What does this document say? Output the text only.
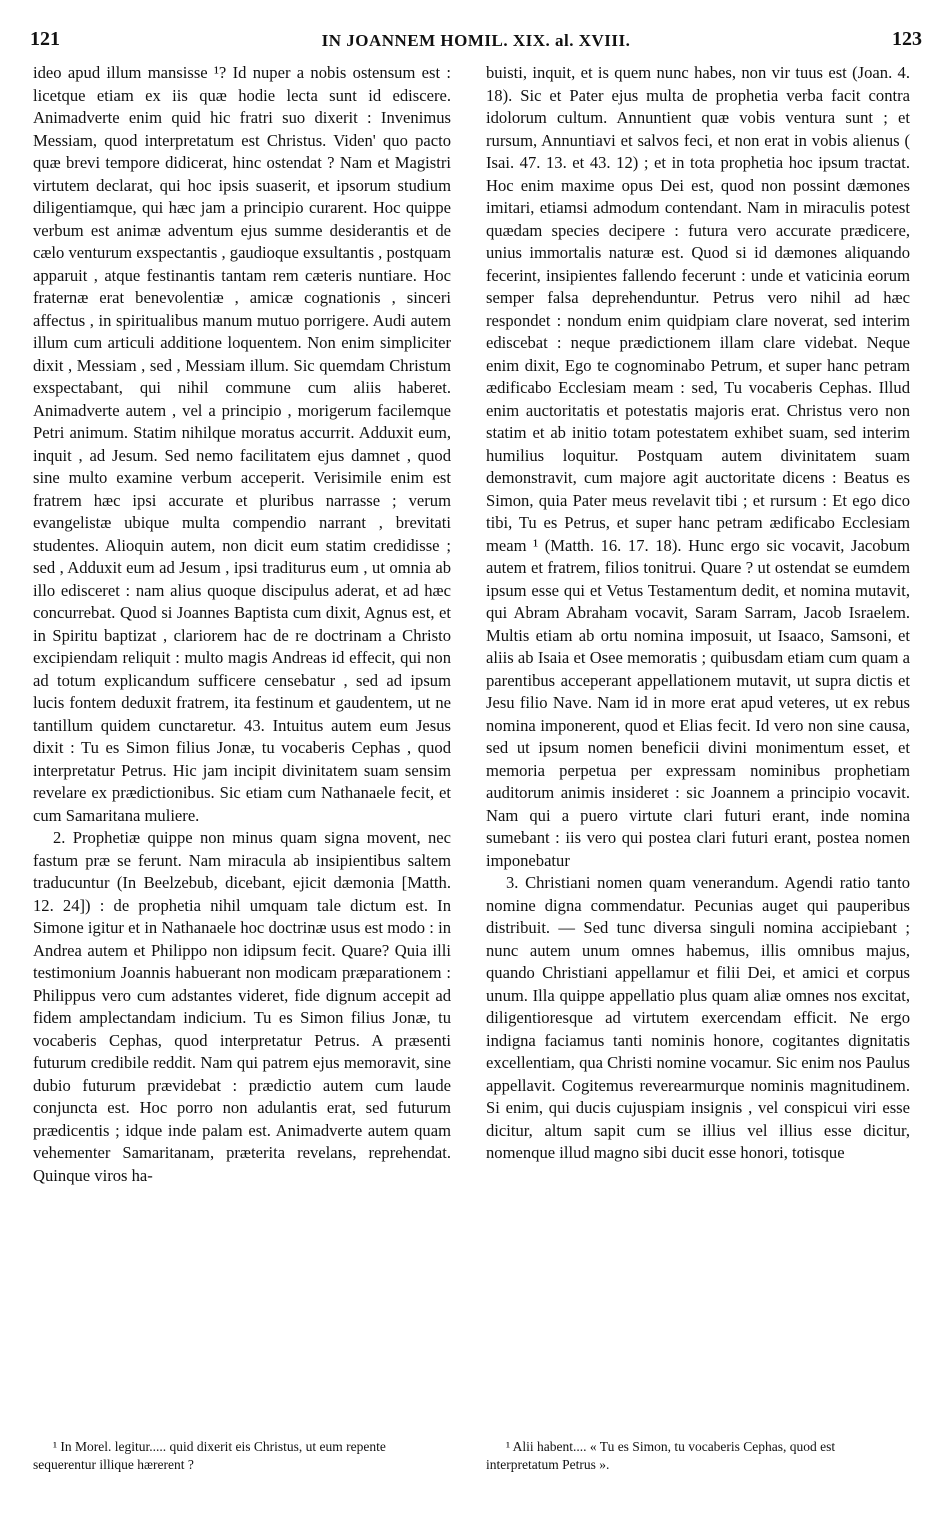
121	IN JOANNEM HOMIL. XIX. al. XVIII.	123

ideo apud illum mansisse ¹? Id nuper a nobis ostensum est : licetque etiam ex iis quæ hodie lecta sunt id ediscere. Animadverte enim quid hic fratri suo dixerit : Invenimus Messiam, quod interpretatum est Christus. Viden' quo pacto quæ brevi tempore didicerat, hinc ostendat ? Nam et Magistri virtutem declarat, qui hoc ipsis suaserit, et ipsorum studium diligentiamque, qui hæc jam a principio curarent. Hoc quippe verbum est animæ adventum ejus summe desiderantis et de cælo venturum exspectantis , gaudioque exsultantis , postquam apparuit , atque festinantis tantam rem cæteris nuntiare. Hoc fraternæ erat benevolentiæ , amicæ cognationis , sinceri affectus , in spiritualibus manum mutuo porrigere. Audi autem illum cum articuli additione loquentem. Non enim simpliciter dixit , Messiam , sed , Messiam illum. Sic quemdam Christum exspectabant, qui nihil commune cum aliis haberet. Animadverte autem , vel a principio , morigerum facilemque Petri animum. Statim nihilque moratus accurrit. Adduxit eum, inquit , ad Jesum. Sed nemo facilitatem ejus damnet , quod sine multo examine verbum acceperit. Verisimile enim est fratrem hæc ipsi accurate et pluribus narrasse ; verum evangelistæ ubique multa compendio narrant , brevitati studentes. Alioquin autem, non dicit eum statim credidisse ; sed , Adduxit eum ad Jesum , ipsi traditurus eum , ut omnia ab illo edisceret : nam alius quoque discipulus aderat, et ad hæc concurrebat. Quod si Joannes Baptista cum dixit, Agnus est, et in Spiritu baptizat , clariorem hac de re doctrinam a Christo excipiendam reliquit : multo magis Andreas id effecit, qui non ad totum explicandum sufficere censebatur , sed ad ipsum lucis fontem deduxit fratrem, ita festinum et gaudentem, ut ne tantillum quidem cunctaretur. 43. Intuitus autem eum Jesus dixit : Tu es Simon filius Jonæ, tu vocaberis Cephas , quod interpretatur Petrus. Hic jam incipit divinitatem suam sensim revelare ex prædictionibus. Sic etiam cum Nathanaele fecit, et cum Samaritana muliere.

2. Prophetiæ quippe non minus quam signa movent, nec fastum præ se ferunt. Nam miracula ab insipientibus saltem traducuntur (In Beelzebub, dicebant, ejicit dæmonia [Matth. 12. 24]) : de prophetia nihil umquam tale dictum est. In Simone igitur et in Nathanaele hoc doctrinæ usus est modo : in Andrea autem et Philippo non idipsum fecit. Quare? Quia illi testimonium Joannis habuerant non modicam præparationem : Philippus vero cum adstantes videret, fide dignum accepit ad fidem amplectandam indicium. Tu es Simon filius Jonæ, tu vocaberis Cephas, quod interpretatur Petrus. A præsenti futurum credibile reddit. Nam qui patrem ejus memoravit, sine dubio futurum prævidebat : prædictio autem cum laude conjuncta est. Hoc porro non adulantis erat, sed futurum prædicentis ; idque inde palam est. Animadverte autem quam vehementer Samaritanam, præterita revelans, reprehendat. Quinque viros ha-

buisti, inquit, et is quem nunc habes, non vir tuus est (Joan. 4. 18). Sic et Pater ejus multa de prophetia verba facit contra idolorum cultum. Annuntient quæ vobis ventura sunt ; et rursum, Annuntiavi et salvos feci, et non erat in vobis alienus ( Isai. 47. 13. et 43. 12) ; et in tota prophetia hoc ipsum tractat. Hoc enim maxime opus Dei est, quod non possint dæmones imitari, etiamsi admodum contendant. Nam in miraculis potest quædam species decipere : futura vero accurate prædicere, unius immortalis naturæ est. Quod si id dæmones aliquando fecerint, insipientes fallendo fecerunt : unde et vaticinia eorum semper falsa deprehenduntur. Petrus vero nihil ad hæc respondet : nondum enim quidpiam clare noverat, sed interim ediscebat : neque prædictionem illam clare videbat. Neque enim dixit, Ego te cognominabo Petrum, et super hanc petram ædificabo Ecclesiam meam : sed, Tu vocaberis Cephas. Illud enim auctoritatis et potestatis majoris erat. Christus vero non statim et ab initio totam potestatem exhibet suam, sed interim humilius loquitur. Postquam autem divinitatem suam demonstravit, cum majore agit auctoritate dicens : Beatus es Simon, quia Pater meus revelavit tibi ; et rursum : Et ego dico tibi, Tu es Petrus, et super hanc petram ædificabo Ecclesiam meam ¹ (Matth. 16. 17. 18). Hunc ergo sic vocavit, Jacobum autem et fratrem, filios tonitrui. Quare ? ut ostendat se eumdem ipsum esse qui et Vetus Testamentum dedit, et nomina mutavit, qui Abram Abraham vocavit, Saram Sarram, Jacob Israelem. Multis etiam ab ortu nomina imposuit, ut Isaaco, Samsoni, et aliis ab Isaia et Osee memoratis ; quibusdam etiam cum quam a parentibus acceperant appellationem mutavit, ut supra dictis et Jesu filio Nave. Nam id in more erat apud veteres, ut ex rebus nomina imponerent, quod et Elias fecit. Id vero non sine causa, sed ut ipsum nomen beneficii divini monimentum esset, et memoria perpetua per expressam nominibus prophetiam auditorum animis insideret : sic Joannem a principio vocavit. Nam qui a puero virtute clari futuri erant, inde nomina sumebant : iis vero qui postea clari futuri erant, postea nomen imponebatur

3. Christiani nomen quam venerandum. Agendi ratio tanto nomine digna commendatur. Pecunias auget qui pauperibus distribuit. — Sed tunc diversa singuli nomina accipiebant ; nunc autem unum omnes habemus, illis omnibus majus, quando Christiani appellamur et filii Dei, et amici et corpus unum. Illa quippe appellatio plus quam aliæ omnes nos excitat, diligentioresque ad virtutem exercendam efficit. Ne ergo indigna faciamus tanti nominis honore, cogitantes dignitatis excellentiam, qua Christi nomine vocamur. Sic enim nos Paulus appellavit. Cogitemus reverearmurque nominis magnitudinem. Si enim, qui ducis cujuspiam insignis , vel conspicui viri esse dicitur, altum sapit cum se illius vel illius esse dicitur, nomenque illud magno sibi ducit esse honori, totisque

¹ In Morel. legitur..... quid dixerit eis Christus, ut eum repente sequerentur illique hærerent ?

¹ Alii habent.... « Tu es Simon, tu vocaberis Cephas, quod est interpretatum Petrus ».
